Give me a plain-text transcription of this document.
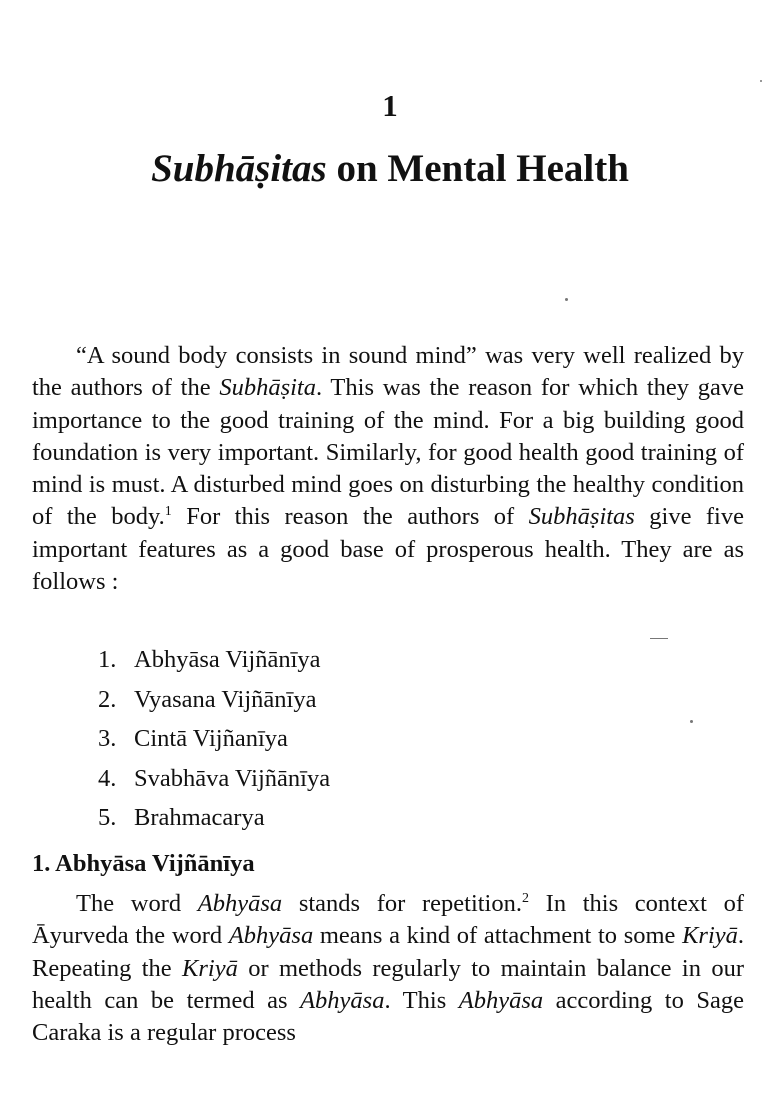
1
Subhāṣitas on Mental Health

“A sound body consists in sound mind” was very well realized by the authors of the Subhāṣita. This was the reason for which they gave importance to the good training of the mind. For a big building good foundation is very important. Similarly, for good health good training of mind is must. A disturbed mind goes on disturbing the healthy condition of the body.$^1$ For this reason the authors of Subhāṣitas give five important features as a good base of prosperous health. They are as follows :

1. Abhyāsa Vijñānīya
2. Vyasana Vijñānīya
3. Cintā Vijñanīya
4. Svabhāva Vijñānīya
5. Brahmacarya
1. Abhyāsa Vijñānīya

The word Abhyāsa stands for repetition.$^2$ In this context of Āyurveda the word Abhyāsa means a kind of attachment to some Kriyā. Repeating the Kriyā or methods regularly to maintain balance in our health can be termed as Abhyāsa. This Abhyāsa according to Sage Caraka is a regular process
